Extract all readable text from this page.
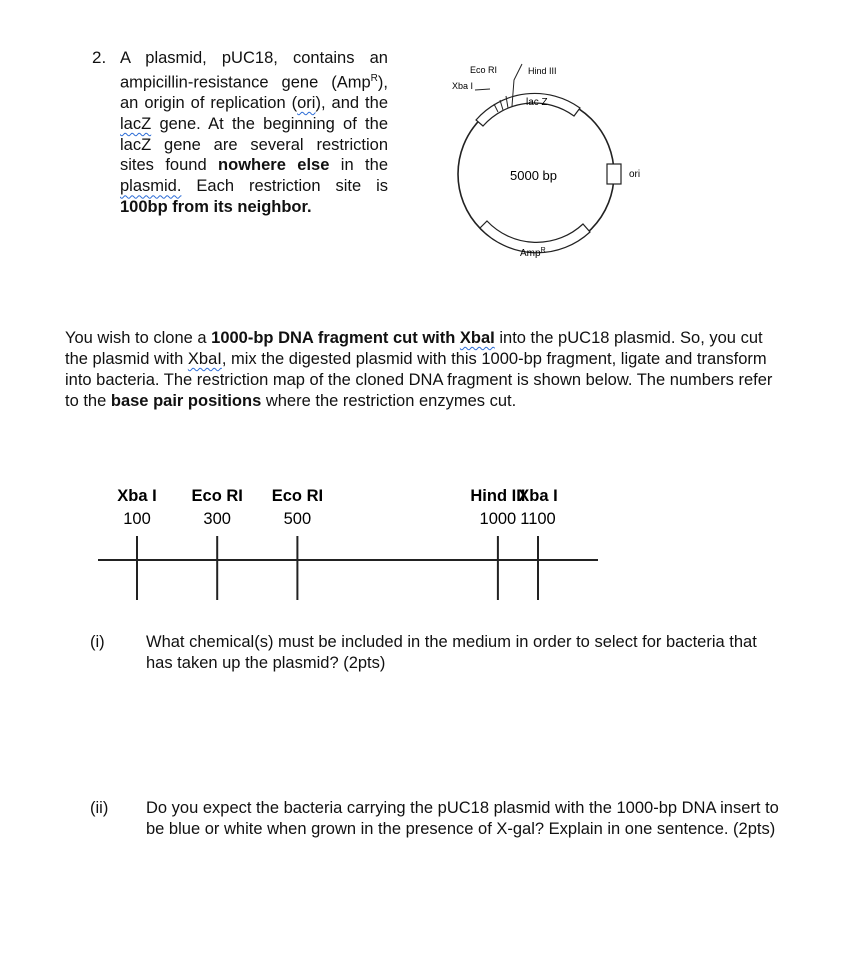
2. A plasmid, pUC18, contains an ampicillin-resistance gene (Amp$^R$), an origin of replication (ori), and the lacZ gene. At the beginning of the lacZ gene are several restriction sites found nowhere else in the plasmid. Each restriction site is 100bp from its neighbor.
lac Z
Amp$^R$
ori
5000 bp
Eco RI	Hind III
Xba I
You wish to clone a 1000-bp DNA fragment cut with XbaI into the pUC18 plasmid. So, you cut the plasmid with XbaI, mix the digested plasmid with this 1000-bp fragment, ligate and transform into bacteria. The restriction map of the cloned DNA fragment is shown below. The numbers refer to the base pair positions where the restriction enzymes cut.
Xba I
100
Eco RI
300
Eco RI
500
Hind III
1000
Xba I
1100
(i)	What chemical(s) must be included in the medium in order to select for bacteria that has taken up the plasmid? (2pts)
(ii) Do you expect the bacteria carrying the pUC18 plasmid with the 1000-bp DNA insert to be blue or white when grown in the presence of X-gal? Explain in one sentence. (2pts)
